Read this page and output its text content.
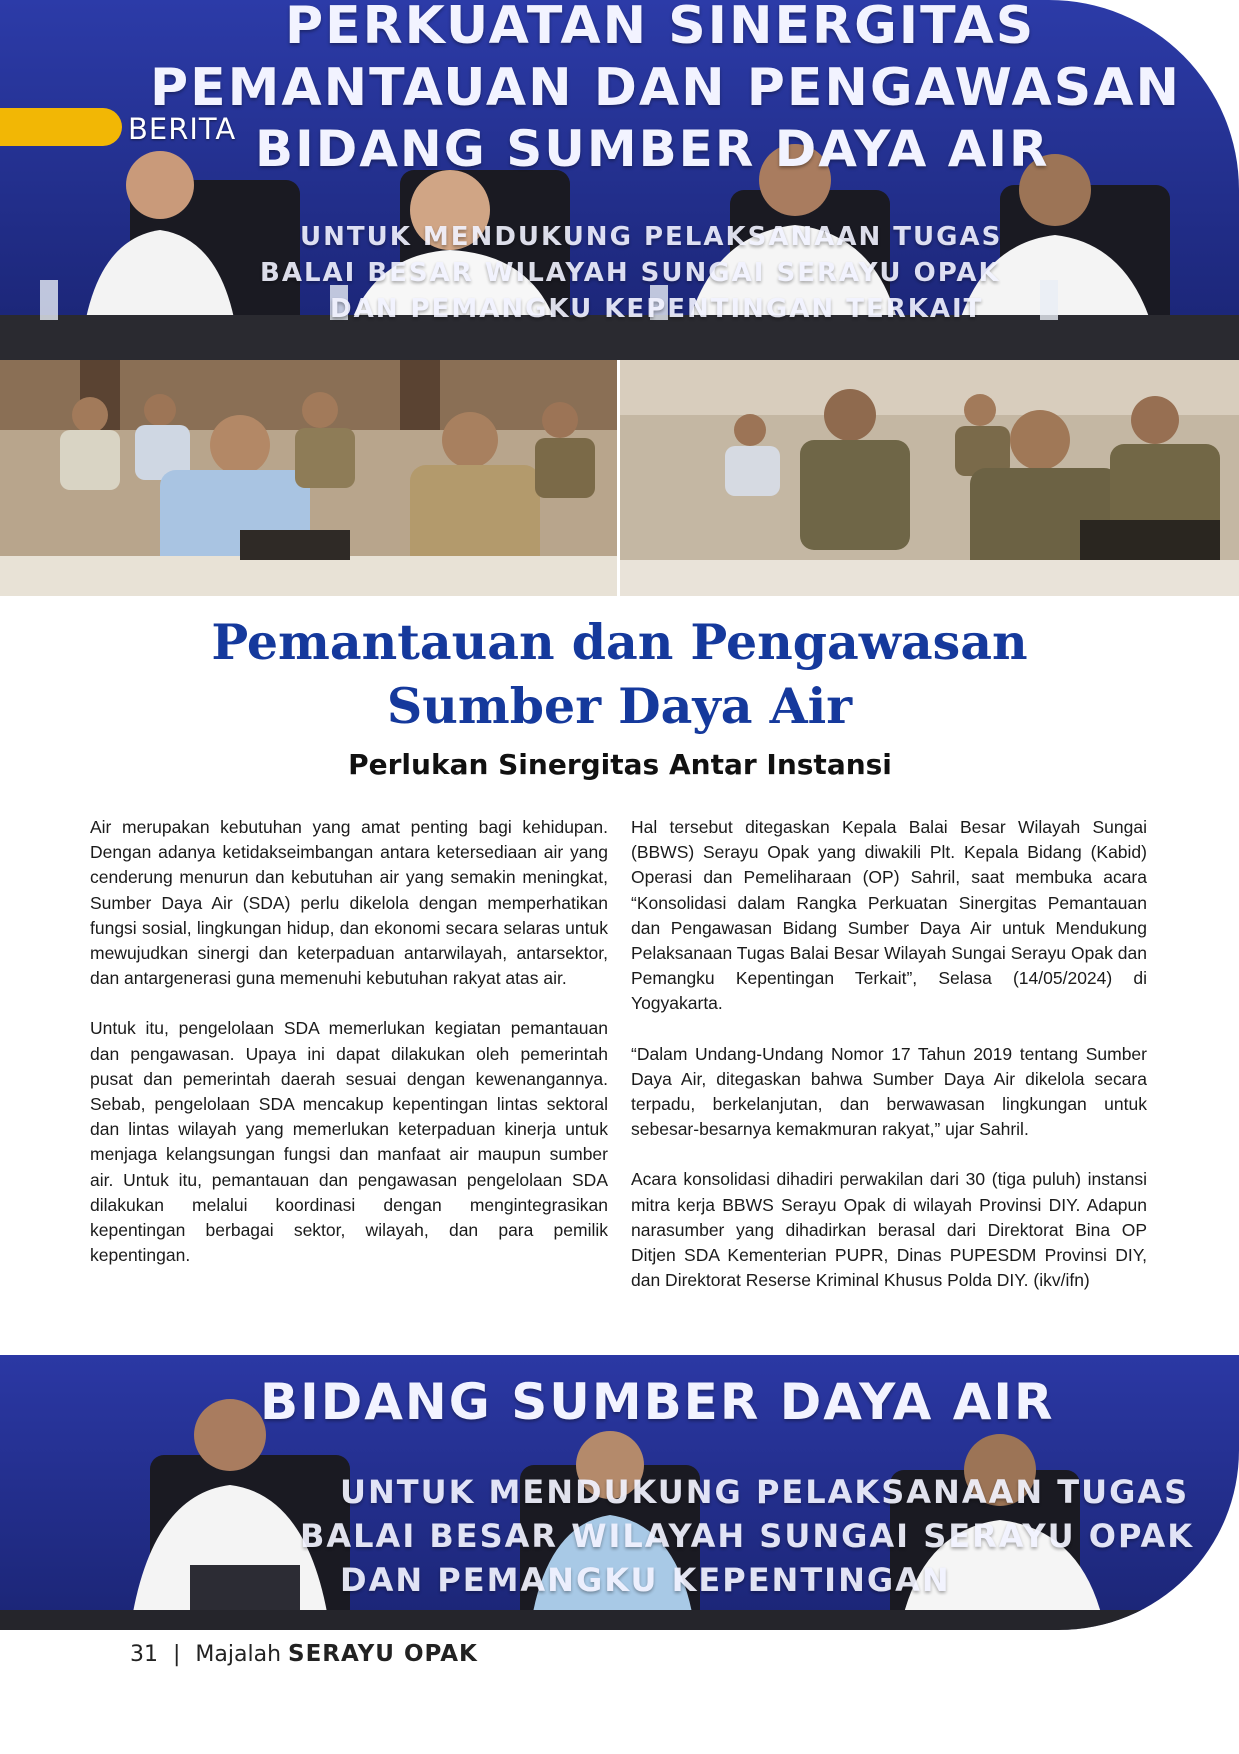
PERKUATAN SINERGITAS
PEMANTAUAN DAN PENGAWASAN
BIDANG SUMBER DAYA AIR
UNTUK MENDUKUNG PELAKSANAAN TUGAS
BALAI BESAR WILAYAH SUNGAI SERAYU OPAK
DAN PEMANGKU KEPENTINGAN TERKAIT
BERITA
Pemantauan dan Pengawasan
Sumber Daya Air
Perlukan Sinergitas Antar Instansi

Air merupakan kebutuhan yang amat penting bagi kehidupan. Dengan adanya ketidakseimbangan antara ketersediaan air yang cenderung menurun dan kebutuhan air yang semakin meningkat, Sumber Daya Air (SDA) perlu dikelola dengan memperhatikan fungsi sosial, lingkungan hidup, dan ekonomi secara selaras untuk mewujudkan sinergi dan keterpaduan antarwilayah, antarsektor, dan antargenerasi guna memenuhi kebutuhan rakyat atas air.

Untuk itu, pengelolaan SDA memerlukan kegiatan pemantauan dan pengawasan. Upaya ini dapat dilakukan oleh pemerintah pusat dan pemerintah daerah sesuai dengan kewenangannya. Sebab, pengelolaan SDA mencakup kepentingan lintas sektoral dan lintas wilayah yang memerlukan keterpaduan kinerja untuk menjaga kelangsungan fungsi dan manfaat air maupun sumber air. Untuk itu, pemantauan dan pengawasan pengelolaan SDA dilakukan melalui koordinasi dengan mengintegrasikan kepentingan berbagai sektor, wilayah, dan para pemilik kepentingan.

Hal tersebut ditegaskan Kepala Balai Besar Wilayah Sungai (BBWS) Serayu Opak yang diwakili Plt. Kepala Bidang (Kabid) Operasi dan Pemeliharaan (OP) Sahril, saat membuka acara “Konsolidasi dalam Rangka Perkuatan Sinergitas Pemantauan dan Pengawasan Bidang Sumber Daya Air untuk Mendukung Pelaksanaan Tugas Balai Besar Wilayah Sungai Serayu Opak dan Pemangku Kepentingan Terkait”, Selasa (14/05/2024) di Yogyakarta.

“Dalam Undang-Undang Nomor 17 Tahun 2019 tentang Sumber Daya Air, ditegaskan bahwa Sumber Daya Air dikelola secara terpadu, berkelanjutan, dan berwawasan lingkungan untuk sebesar-besarnya kemakmuran rakyat,” ujar Sahril.

Acara konsolidasi dihadiri perwakilan dari 30 (tiga puluh) instansi mitra kerja BBWS Serayu Opak di wilayah Provinsi DIY. Adapun narasumber yang dihadirkan berasal dari Direktorat Bina OP Ditjen SDA Kementerian PUPR, Dinas PUPESDM Provinsi DIY, dan Direktorat Reserse Kriminal Khusus Polda DIY. (ikv/ifn)

BIDANG SUMBER DAYA AIR
UNTUK MENDUKUNG PELAKSANAAN TUGAS
BALAI BESAR WILAYAH SUNGAI SERAYU OPAK
DAN PEMANGKU KEPENTINGAN
31 | Majalah SERAYU OPAK
